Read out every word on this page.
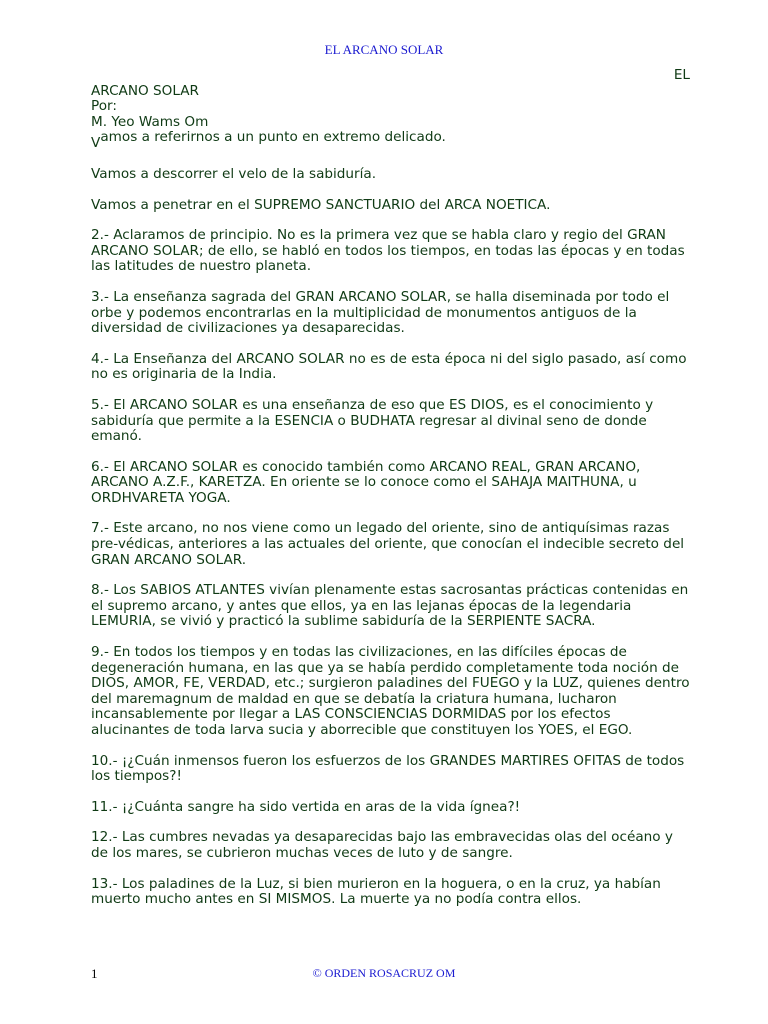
EL ARCANO SOLAR

EL

ARCANO SOLAR

Por:

M. Yeo Wams Om

Vamos a referirnos a un punto en extremo delicado.

Vamos a descorrer el velo de la sabiduría.

Vamos a penetrar en el SUPREMO SANCTUARIO del ARCA NOETICA.

2.- Aclaramos de principio. No es la primera vez que se habla claro y regio del GRAN ARCANO SOLAR; de ello, se habló en todos los tiempos, en todas las épocas y en todas las latitudes de nuestro planeta.

3.- La enseñanza sagrada del GRAN ARCANO SOLAR, se halla diseminada por todo el orbe y podemos encontrarlas en la multiplicidad de monumentos antiguos de la diversidad de civilizaciones ya desaparecidas.

4.- La Enseñanza del ARCANO SOLAR no es de esta época ni del siglo pasado, así como no es originaria de la India.

5.- El ARCANO SOLAR es una enseñanza de eso que ES DIOS, es el conocimiento y sabiduría que permite a la ESENCIA o BUDHATA regresar al divinal seno de donde emanó.

6.- El ARCANO SOLAR es conocido también como ARCANO REAL, GRAN ARCANO, ARCANO A.Z.F., KARETZA. En oriente se lo conoce como el SAHAJA MAITHUNA, u ORDHVARETA YOGA.

7.- Este arcano, no nos viene como un legado del oriente, sino de antiquísimas razas pre-védicas, anteriores a las actuales del oriente, que conocían el indecible secreto del GRAN ARCANO SOLAR.

8.- Los SABIOS ATLANTES vivían plenamente estas sacrosantas prácticas contenidas en el supremo arcano, y antes que ellos, ya en las lejanas épocas de la legendaria LEMURIA, se vivió y practicó la sublime sabiduría de la SERPIENTE SACRA.

9.- En todos los tiempos y en todas las civilizaciones, en las difíciles épocas de degeneración humana, en las que ya se había perdido completamente toda noción de DIOS, AMOR, FE, VERDAD, etc.; surgieron paladines del FUEGO y la LUZ, quienes dentro del maremagnum de maldad en que se debatía la criatura humana, lucharon incansablemente por llegar a LAS CONSCIENCIAS DORMIDAS por los efectos alucinantes de toda larva sucia y aborrecible que constituyen los YOES, el EGO.

10.- ¡¿Cuán inmensos fueron los esfuerzos de los GRANDES MARTIRES OFITAS de todos los tiempos?!

11.- ¡¿Cuánta sangre ha sido vertida en aras de la vida ígnea?!

12.- Las cumbres nevadas ya desaparecidas bajo las embravecidas olas del océano y de los mares, se cubrieron muchas veces de luto y de sangre.

13.- Los paladines de la Luz, si bien murieron en la hoguera, o en la cruz, ya habían muerto mucho antes en SI MISMOS. La muerte ya no podía contra ellos.

1	© ORDEN ROSACRUZ OM
